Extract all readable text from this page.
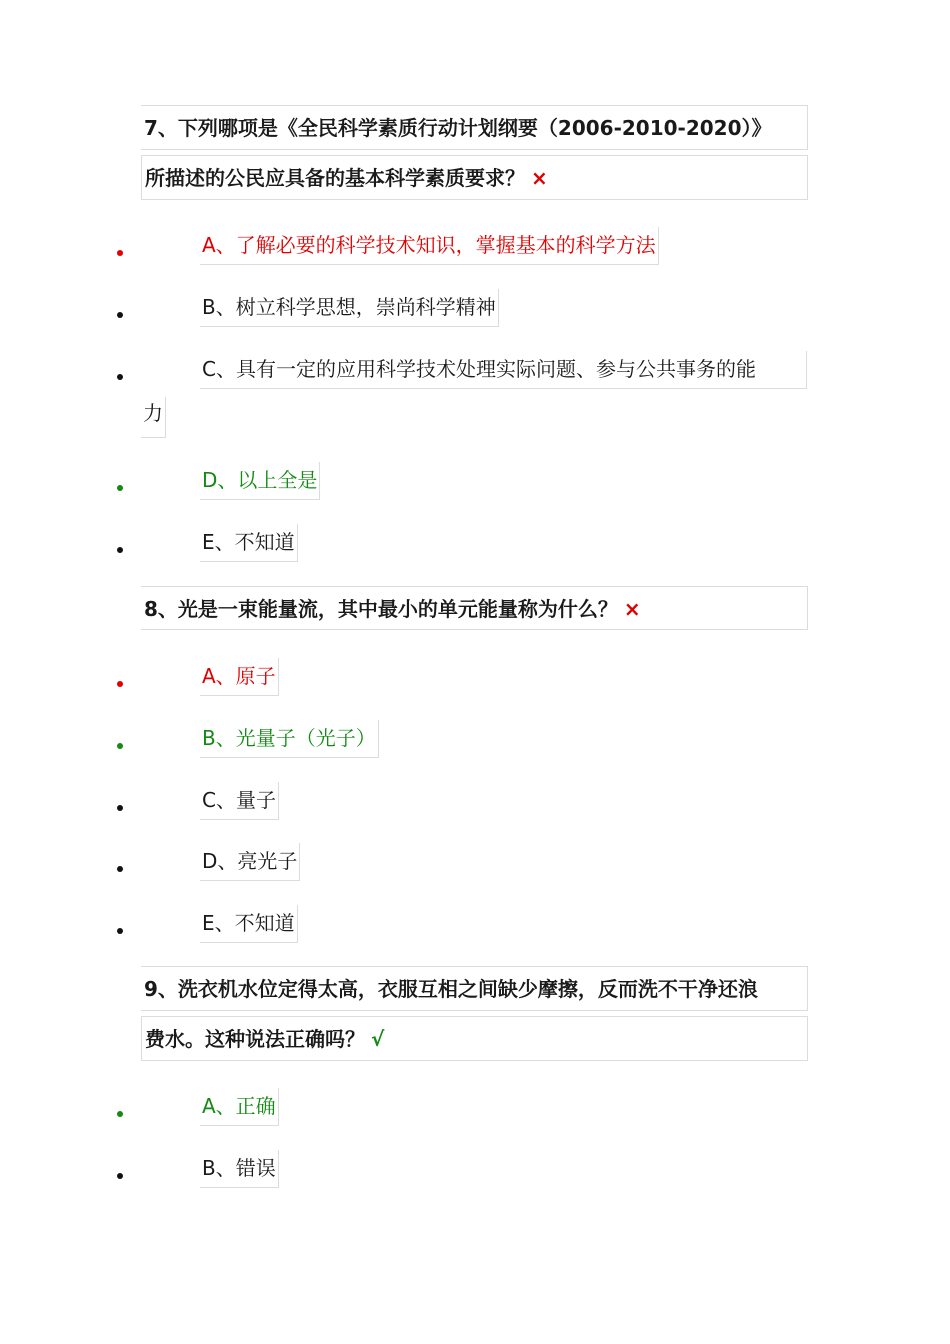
7、下列哪项是《全民科学素质行动计划纲要（2006-2010-2020）》
所描述的公民应具备的基本科学素质要求？ ×
A、了解必要的科学技术知识，掌握基本的科学方法
B、树立科学思想，崇尚科学精神
C、具有一定的应用科学技术处理实际问题、参与公共事务的能
力
D、以上全是
E、不知道
8、光是一束能量流，其中最小的单元能量称为什么？ ×
A、原子
B、光量子（光子）
C、量子
D、亮光子
E、不知道
9、洗衣机水位定得太高，衣服互相之间缺少摩擦，反而洗不干净还浪
费水。这种说法正确吗？ √
A、正确
B、错误
